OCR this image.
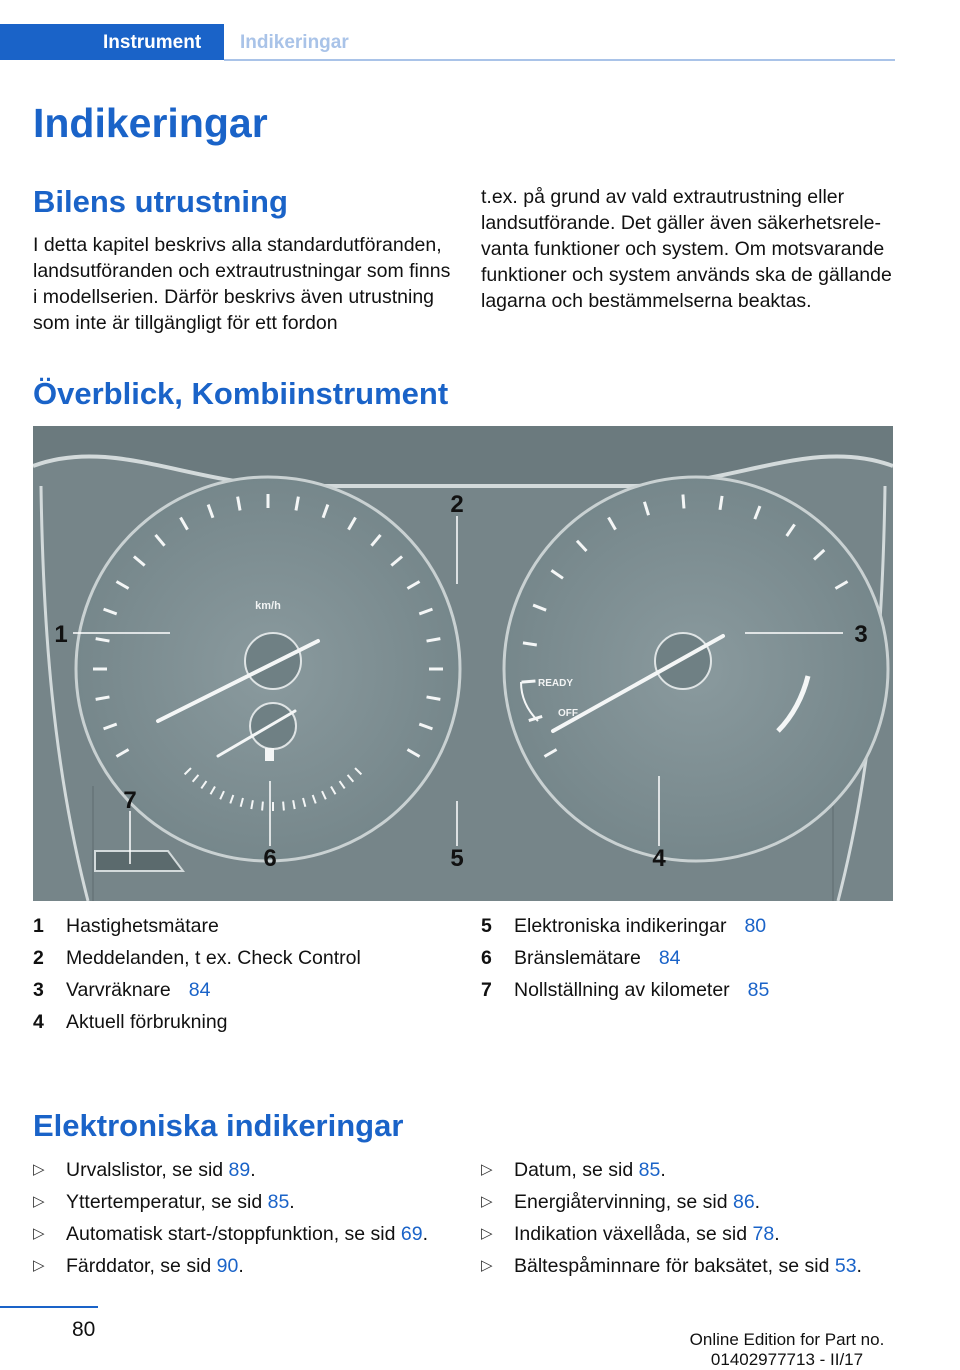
Instrument Indikeringar
Indikeringar
Bilens utrustning

I detta kapitel beskrivs alla standardutföranden, landsutföranden och extrautrustningar som finns i modellserien. Därför beskrivs även utrustning som inte är tillgängligt för ett fordon

t.ex. på grund av vald extrautrustning eller landsutförande. Det gäller även säkerhetsrelevanta funktioner och system. Om motsvarande funktioner och system används ska de gällande lagarna och bestämmelserna beaktas.

Överblick, Kombiinstrument
km/h
READY
OFF
1
2
3
4
5
6
7
1 Hastighetsmätare
2 Meddelanden, t ex. Check Control
3 Varvräknare 84
4 Aktuell förbrukning
5 Elektroniska indikeringar 80
6 Bränslemätare 84
7 Nollställning av kilometer 85
Elektroniska indikeringar
▷ Urvalslistor, se sid 89.
▷ Yttertemperatur, se sid 85.
▷ Automatisk start-/stoppfunktion, se sid 69.
▷ Färddator, se sid 90.
▷ Datum, se sid 85.
▷ Energiåtervinning, se sid 86.
▷ Indikation växellåda, se sid 78.
▷ Bältespåminnare för baksätet, se sid 53.
80	Online Edition for Part no. 01402977713 - II/17
